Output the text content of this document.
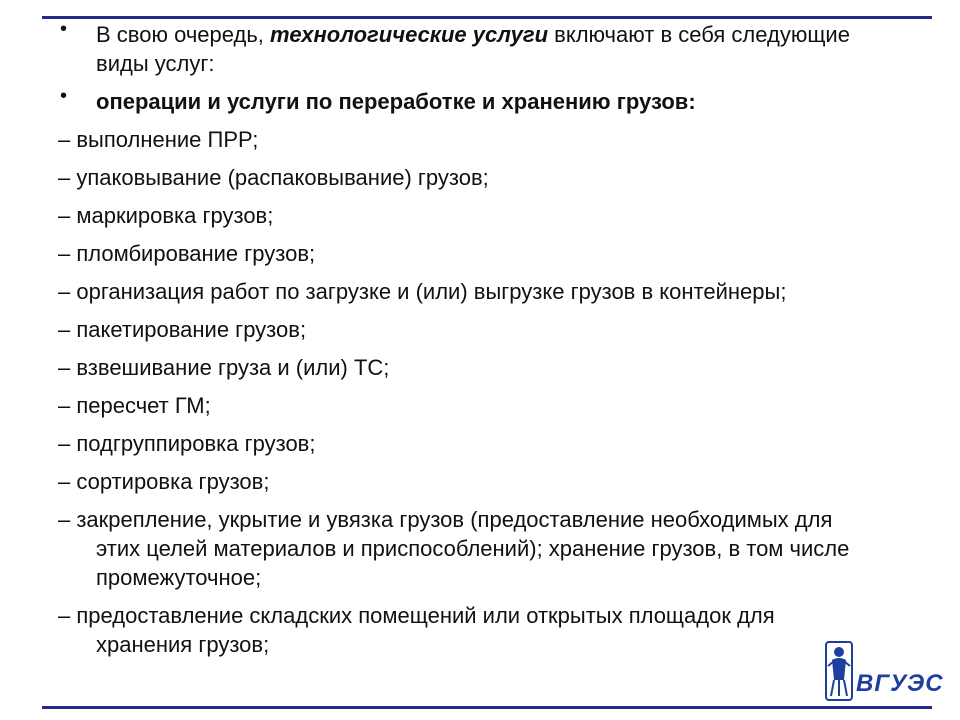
• В свою очередь, технологические услуги включают в себя следующие виды услуг:

• операции и услуги по переработке и хранению грузов:

– выполнение ПРР;

– упаковывание (распаковывание) грузов;

– маркировка грузов;

– пломбирование грузов;

– организация работ по загрузке и (или) выгрузке грузов в контейнеры;

– пакетирование грузов;

– взвешивание груза и (или) ТС;

– пересчет ГМ;

– подгруппировка грузов;

– сортировка грузов;

– закрепление, укрытие и увязка грузов (предоставление необходимых для этих целей материалов и приспособлений); хранение грузов, в том числе промежуточное;

– предоставление складских помещений или открытых площадок для хранения грузов;

ВГУЭС
